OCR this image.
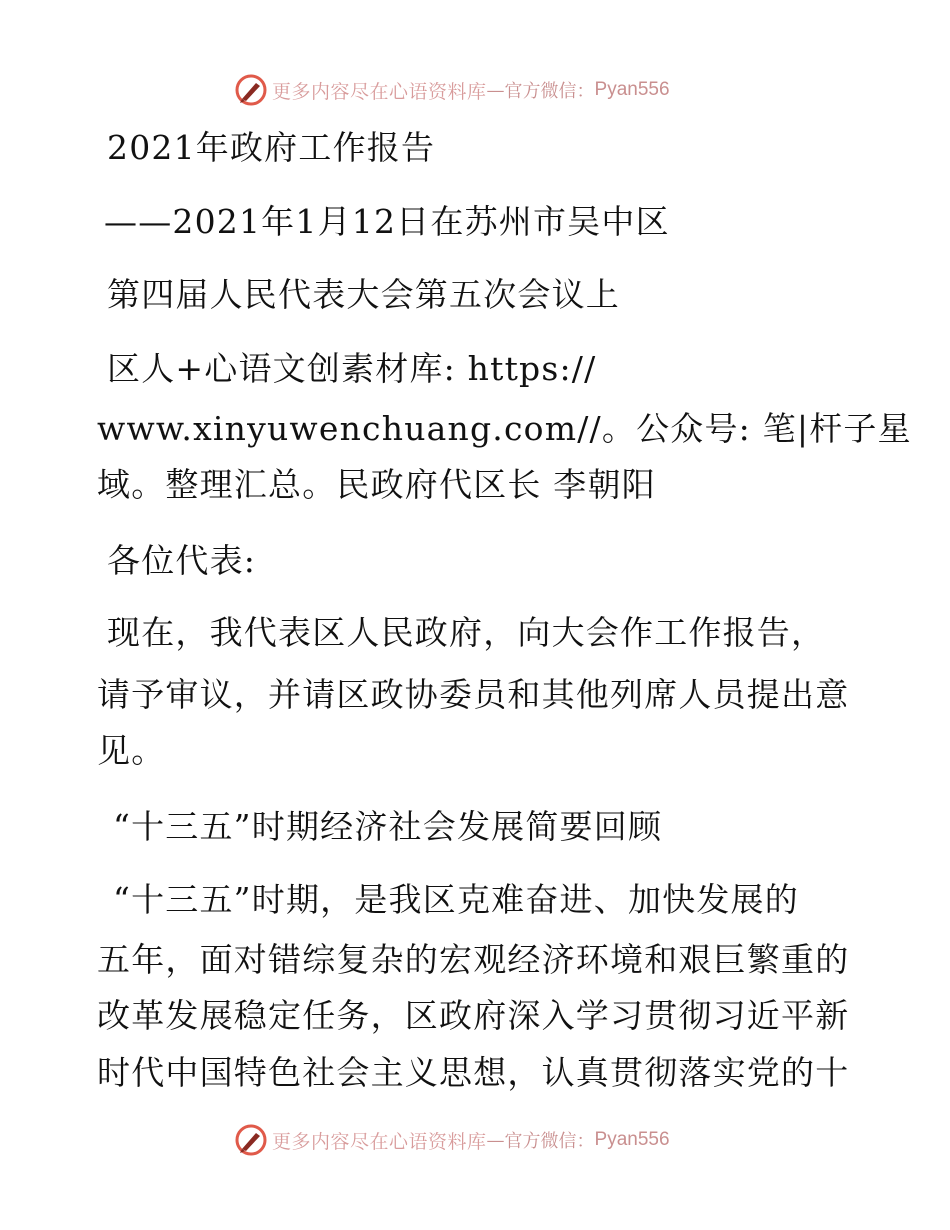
更多内容尽在心语资料库 — 官方微信： Pyan556
2021年政府工作报告
——2021年1月12日在苏州市吴中区
第四届人民代表大会第五次会议上
区人+心语文创素材库: https://
www.xinyuwenchuang.com//。公众号: 笔|杆子星
域。整理汇总。民政府代区长 李朝阳
各位代表:
现在，我代表区人民政府，向大会作工作报告，
请予审议，并请区政协委员和其他列席人员提出意
见。
“十三五”时期经济社会发展简要回顾
“十三五”时期，是我区克难奋进、加快发展的
五年，面对错综复杂的宏观经济环境和艰巨繁重的
改革发展稳定任务，区政府深入学习贯彻习近平新
时代中国特色社会主义思想，认真贯彻落实党的十
更多内容尽在心语资料库 — 官方微信： Pyan556
